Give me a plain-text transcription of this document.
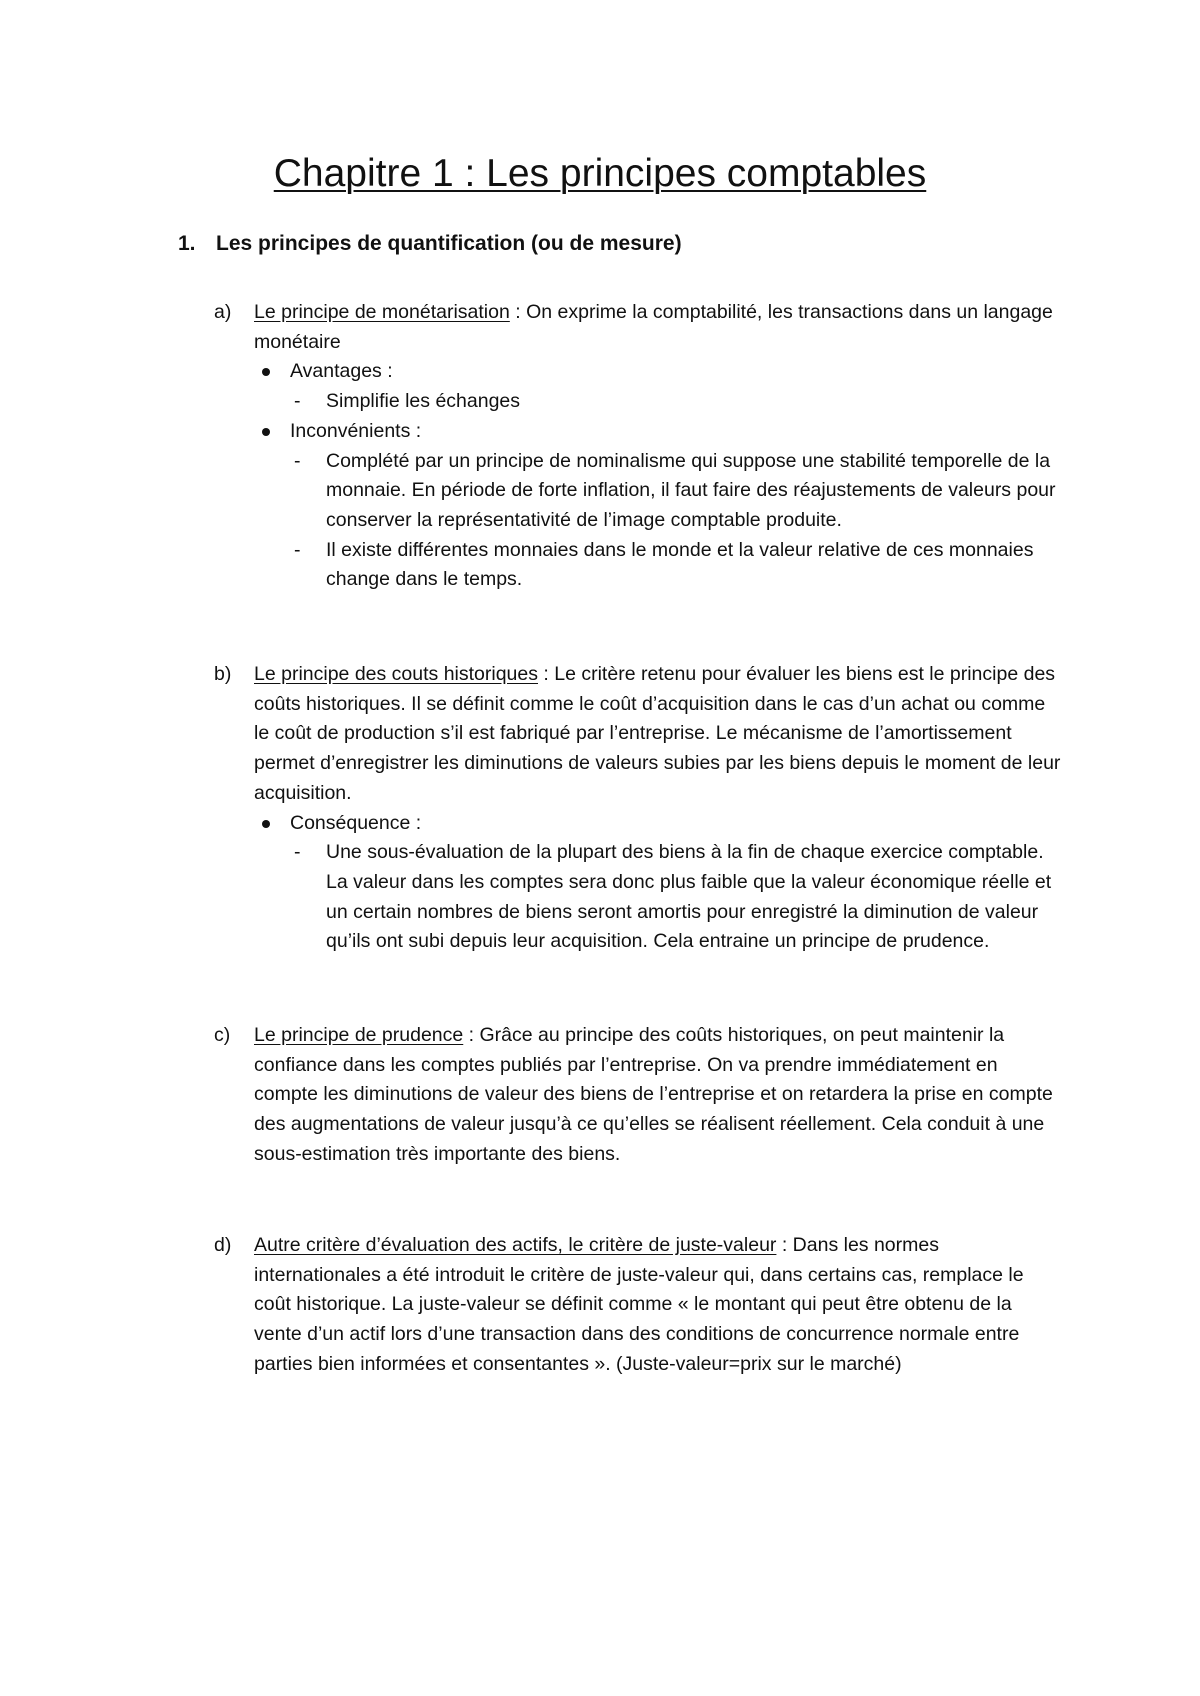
Chapitre 1 : Les principes comptables
1. Les principes de quantification (ou de mesure)
a) Le principe de monétarisation : On exprime la comptabilité, les transactions dans un langage monétaire
Avantages :
- Simplifie les échanges
Inconvénients :
- Complété par un principe de nominalisme qui suppose une stabilité temporelle de la monnaie. En période de forte inflation, il faut faire des réajustements de valeurs pour conserver la représentativité de l’image comptable produite.
- Il existe différentes monnaies dans le monde et la valeur relative de ces monnaies change dans le temps.
b) Le principe des couts historiques : Le critère retenu pour évaluer les biens est le principe des coûts historiques. Il se définit comme le coût d’acquisition dans le cas d’un achat ou comme le coût de production s’il est fabriqué par l’entreprise. Le mécanisme de l’amortissement permet d’enregistrer les diminutions de valeurs subies par les biens depuis le moment de leur acquisition.
Conséquence :
- Une sous-évaluation de la plupart des biens à la fin de chaque exercice comptable. La valeur dans les comptes sera donc plus faible que la valeur économique réelle et un certain nombres de biens seront amortis pour enregistré la diminution de valeur qu’ils ont subi depuis leur acquisition. Cela entraine un principe de prudence.
c) Le principe de prudence : Grâce au principe des coûts historiques, on peut maintenir la confiance dans les comptes publiés par l’entreprise. On va prendre immédiatement en compte les diminutions de valeur des biens de l’entreprise et on retardera la prise en compte des augmentations de valeur jusqu’à ce qu’elles se réalisent réellement. Cela conduit à une sous-estimation très importante des biens.
d) Autre critère d’évaluation des actifs, le critère de juste-valeur : Dans les normes internationales a été introduit le critère de juste-valeur qui, dans certains cas, remplace le coût historique. La juste-valeur se définit comme « le montant qui peut être obtenu de la vente d’un actif lors d’une transaction dans des conditions de concurrence normale entre parties bien informées et consentantes ». (Juste-valeur=prix sur le marché)
